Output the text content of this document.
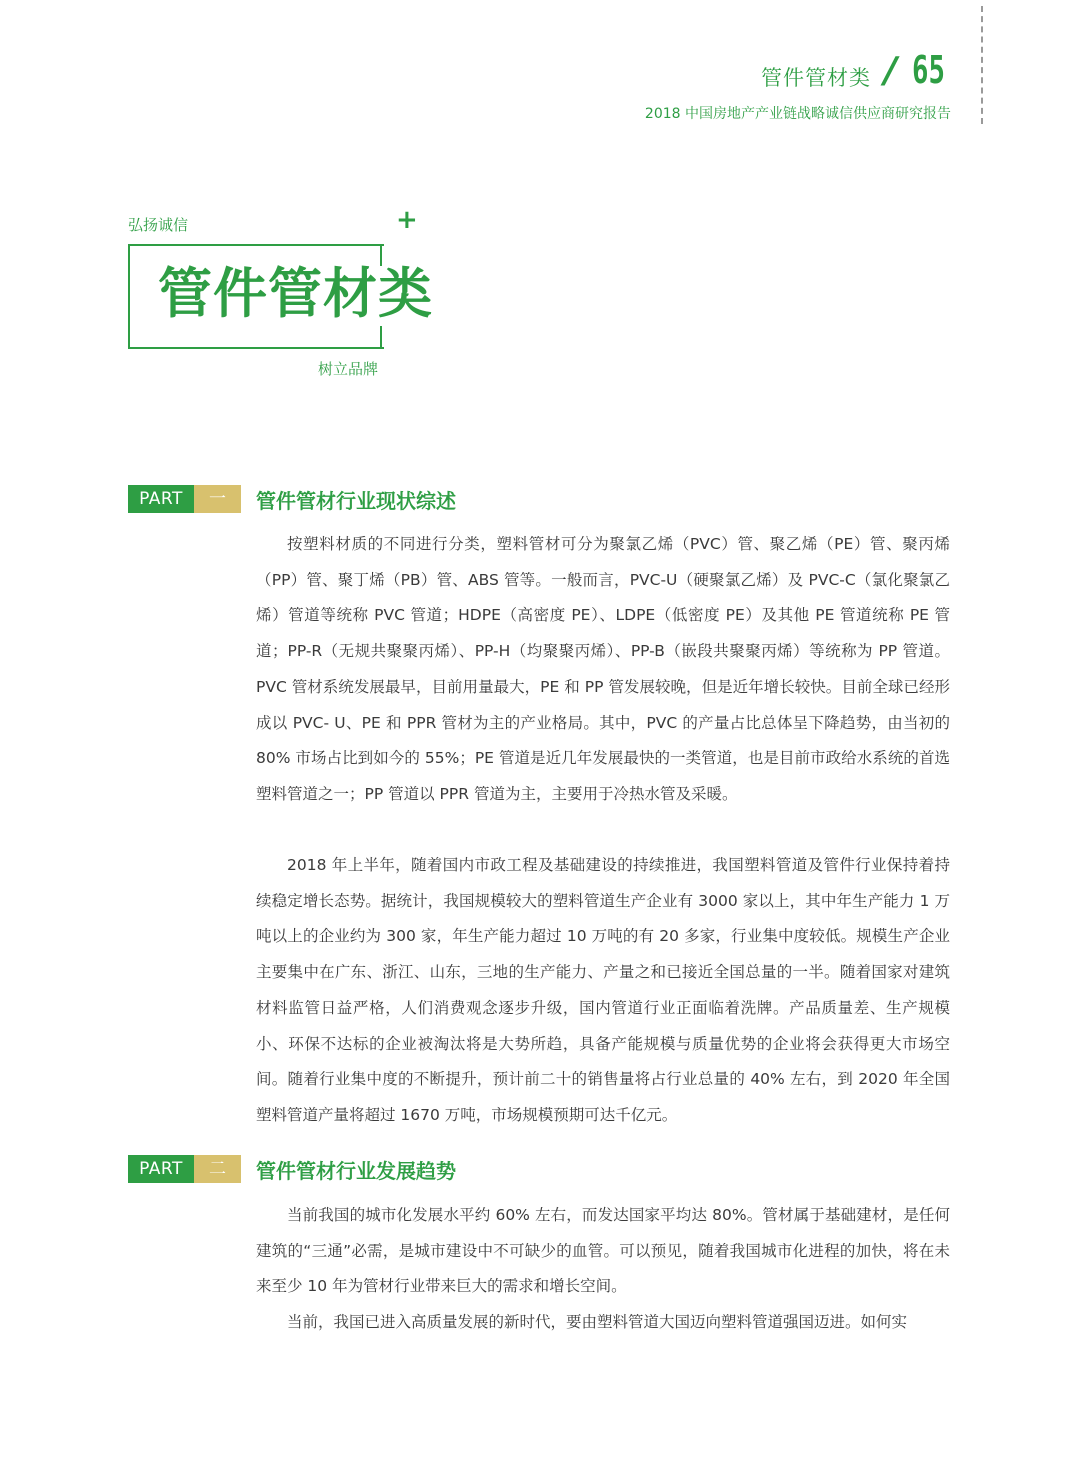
管件管材类 / 65
2018 中国房地产产业链战略诚信供应商研究报告
弘扬诚信	+
管件管材类
树立品牌
PART	一	管件管材行业现状综述

按塑料材质的不同进行分类，塑料管材可分为聚氯乙烯（PVC）管、聚乙烯（PE）管、聚丙烯（PP）管、聚丁烯（PB）管、ABS 管等。一般而言，PVC-U（硬聚氯乙烯）及 PVC-C（氯化聚氯乙烯）管道等统称 PVC 管道；HDPE（高密度 PE）、LDPE（低密度 PE）及其他 PE 管道统称 PE 管道；PP-R（无规共聚聚丙烯）、PP-H（均聚聚丙烯）、PP-B（嵌段共聚聚丙烯）等统称为 PP 管道。PVC 管材系统发展最早，目前用量最大，PE 和 PP 管发展较晚，但是近年增长较快。目前全球已经形成以 PVC- U、PE 和 PPR 管材为主的产业格局。其中，PVC 的产量占比总体呈下降趋势，由当初的 80% 市场占比到如今的 55%；PE 管道是近几年发展最快的一类管道，也是目前市政给水系统的首选塑料管道之一；PP 管道以 PPR 管道为主，主要用于冷热水管及采暖。

2018 年上半年，随着国内市政工程及基础建设的持续推进，我国塑料管道及管件行业保持着持续稳定增长态势。据统计，我国规模较大的塑料管道生产企业有 3000 家以上，其中年生产能力 1 万吨以上的企业约为 300 家，年生产能力超过 10 万吨的有 20 多家，行业集中度较低。规模生产企业主要集中在广东、浙江、山东，三地的生产能力、产量之和已接近全国总量的一半。随着国家对建筑材料监管日益严格，人们消费观念逐步升级，国内管道行业正面临着洗牌。产品质量差、生产规模小、环保不达标的企业被淘汰将是大势所趋，具备产能规模与质量优势的企业将会获得更大市场空间。随着行业集中度的不断提升，预计前二十的销售量将占行业总量的 40% 左右，到 2020 年全国塑料管道产量将超过 1670 万吨，市场规模预期可达千亿元。

PART	二	管件管材行业发展趋势

当前我国的城市化发展水平约 60% 左右，而发达国家平均达 80%。管材属于基础建材，是任何建筑的“三通”必需，是城市建设中不可缺少的血管。可以预见，随着我国城市化进程的加快，将在未来至少 10 年为管材行业带来巨大的需求和增长空间。

当前，我国已进入高质量发展的新时代，要由塑料管道大国迈向塑料管道强国迈进。如何实
